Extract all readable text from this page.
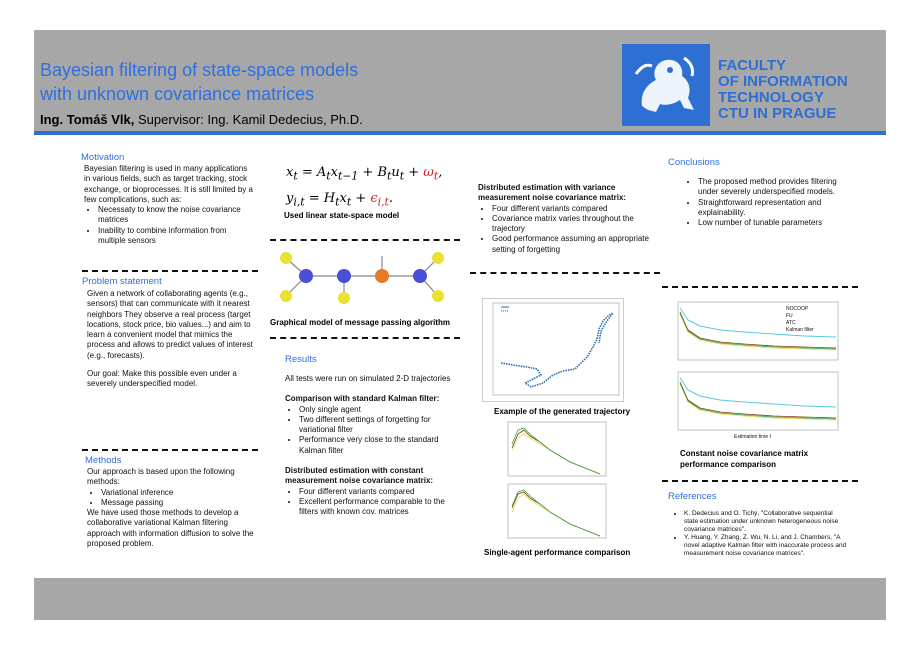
Bayesian filtering of state-space models
with unknown covariance matrices
Ing. Tomáš Vlk, Supervisor: Ing. Kamil Dedecius, Ph.D.
FACULTY
OF INFORMATION
TECHNOLOGY
CTU IN PRAGUE
Motivation
Bayesian filtering is used in many applications in various fields, such as target tracking, stock exchange, or bioprocesses. It is still limited by a few complications, such as:
• Necessaty to know the noise covariance matrices
• Inability to combine information from multiple sensors
Problem statement
Given a network of collaborating agents (e.g., sensors) that can communicate with it nearest neighbors They observe a real process (target locations, stock price, bio values...) and aim to learn a convenient model that mimics the process and allows to predict values of interest (e.g., forecasts).
Our goal: Make this possible even under a severely underspecified model.
Methods
Our approach is based upon the following methods:
• Variational inference
• Message passing
We have used those methods to develop a collaborative variational Kalman filtering approach with information diffusion to solve the proposed problem.
$x_t = A_tx_{t-1} + B_tu_t + \omega_t$,
$y_{i,t} = H_tx_t + \epsilon_{i,t}$.
Used linear state-space model
Graphical model of message passing algorithm
Results
All tests were run on simulated 2-D trajectories
Comparison with standard Kalman filter:
• Only single agent
• Two different settings of forgetting for variational filter
• Performance very close to the standard Kalman filter
Distributed estimation with constant measurement noise covariance matrix:
• Four different variants compared
• Excellent performance comparable to the filters with known cov. matrices
Distributed estimation with variance measurement noise covariance matrix:
• Four different variants compared
• Covariance matrix varies throughout the trajectory
• Good performance assuming an appropriate setting of forgetting
Example of the generated trajectory
Single-agent performance comparison
Conclusions
• The proposed method provides filtering under severely underspecified models.
• Straightforward representation and explainability.
• Low number of tunable parameters
NOCOOP
FU
ATC
Kalman filter
Estimation time t
Constant noise covariance matrix performance comparison
References
• K. Dedecius and O. Tichý, "Collaborative sequential state estimation under unknown heterogeneous noise covariance matrices".
• Y. Huang, Y. Zhang, Z. Wu, N. Li, and J. Chambers, "A novel adaptive Kalman filter with inaccurate process and measurement noise covariance matrices".
